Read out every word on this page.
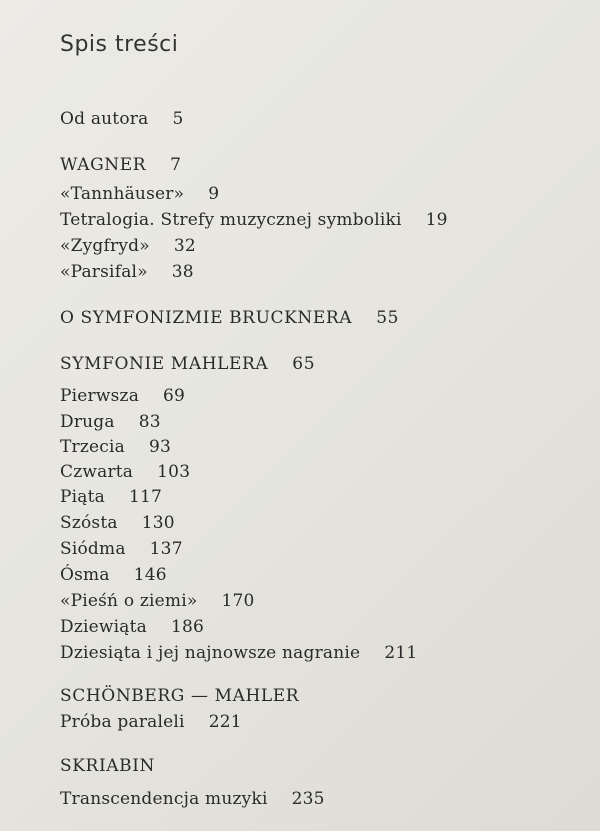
Spis treści
Od autora 5
WAGNER 7
«Tannhäuser» 9
Tetralogia. Strefy muzycznej symboliki 19
«Zygfryd» 32
«Parsifal» 38
O SYMFONIZMIE BRUCKNERA 55
SYMFONIE MAHLERA 65
Pierwsza 69
Druga 83
Trzecia 93
Czwarta 103
Piąta 117
Szósta 130
Siódma 137
Ósma 146
«Pieśń o ziemi» 170
Dziewiąta 186
Dziesiąta i jej najnowsze nagranie 211
SCHÖNBERG — MAHLER
Próba paraleli 221
SKRIABIN
Transcendencja muzyki 235
